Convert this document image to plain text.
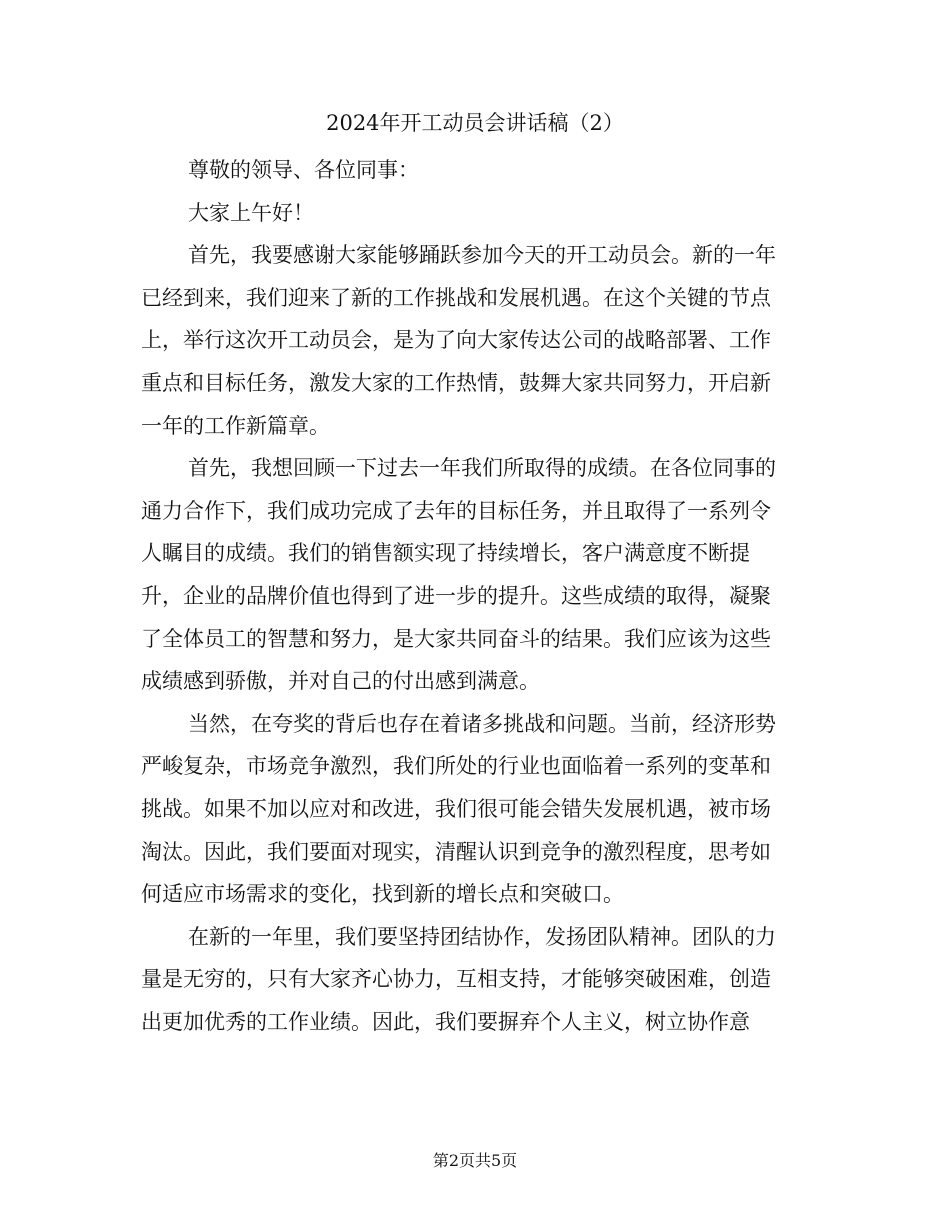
2024年开工动员会讲话稿（2）
尊敬的领导、各位同事：
大家上午好！
首先，我要感谢大家能够踊跃参加今天的开工动员会。新的一年
已经到来，我们迎来了新的工作挑战和发展机遇。在这个关键的节点
上，举行这次开工动员会，是为了向大家传达公司的战略部署、工作
重点和目标任务，激发大家的工作热情，鼓舞大家共同努力，开启新
一年的工作新篇章。
首先，我想回顾一下过去一年我们所取得的成绩。在各位同事的
通力合作下，我们成功完成了去年的目标任务，并且取得了一系列令
人瞩目的成绩。我们的销售额实现了持续增长，客户满意度不断提
升，企业的品牌价值也得到了进一步的提升。这些成绩的取得，凝聚
了全体员工的智慧和努力，是大家共同奋斗的结果。我们应该为这些
成绩感到骄傲，并对自己的付出感到满意。
当然，在夸奖的背后也存在着诸多挑战和问题。当前，经济形势
严峻复杂，市场竞争激烈，我们所处的行业也面临着一系列的变革和
挑战。如果不加以应对和改进，我们很可能会错失发展机遇，被市场
淘汰。因此，我们要面对现实，清醒认识到竞争的激烈程度，思考如
何适应市场需求的变化，找到新的增长点和突破口。
在新的一年里，我们要坚持团结协作，发扬团队精神。团队的力
量是无穷的，只有大家齐心协力，互相支持，才能够突破困难，创造
出更加优秀的工作业绩。因此，我们要摒弃个人主义，树立协作意
第2页共5页
